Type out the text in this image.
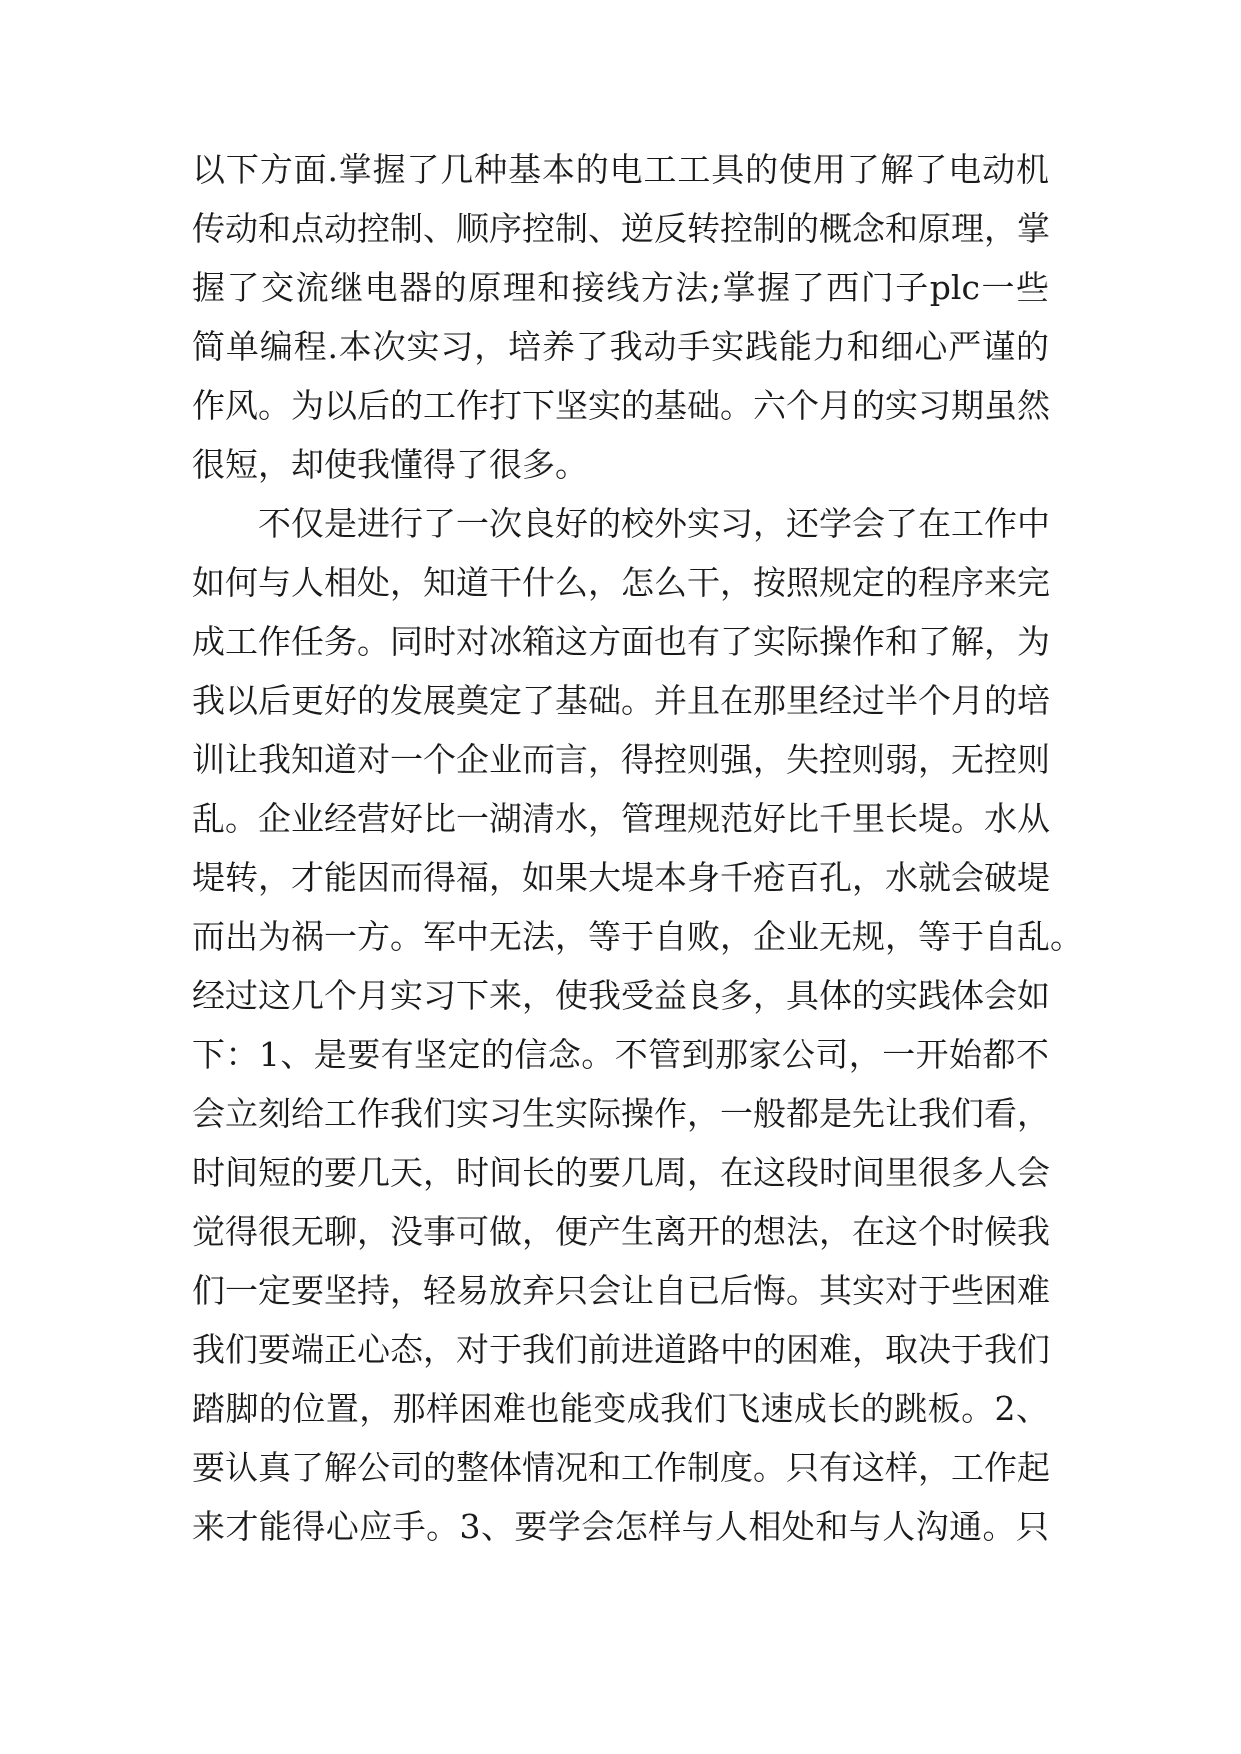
以下方面.掌握了几种基本的电工工具的使用了解了电动机
传动和点动控制、顺序控制、逆反转控制的概念和原理，掌
握了交流继电器的原理和接线方法;掌握了西门子plc一些
简单编程.本次实习，培养了我动手实践能力和细心严谨的
作风。为以后的工作打下坚实的基础。六个月的实习期虽然
很短，却使我懂得了很多。
不仅是进行了一次良好的校外实习，还学会了在工作中
如何与人相处，知道干什么，怎么干，按照规定的程序来完
成工作任务。同时对冰箱这方面也有了实际操作和了解，为
我以后更好的发展奠定了基础。并且在那里经过半个月的培
训让我知道对一个企业而言，得控则强，失控则弱，无控则
乱。企业经营好比一湖清水，管理规范好比千里长堤。水从
堤转，才能因而得福，如果大堤本身千疮百孔，水就会破堤
而出为祸一方。军中无法，等于自败，企业无规，等于自乱。
经过这几个月实习下来，使我受益良多，具体的实践体会如
下：1、是要有坚定的信念。不管到那家公司，一开始都不
会立刻给工作我们实习生实际操作，一般都是先让我们看，
时间短的要几天，时间长的要几周，在这段时间里很多人会
觉得很无聊，没事可做，便产生离开的想法，在这个时候我
们一定要坚持，轻易放弃只会让自已后悔。其实对于些困难
我们要端正心态，对于我们前进道路中的困难，取决于我们
踏脚的位置，那样困难也能变成我们飞速成长的跳板。2、
要认真了解公司的整体情况和工作制度。只有这样，工作起
来才能得心应手。3、要学会怎样与人相处和与人沟通。只
